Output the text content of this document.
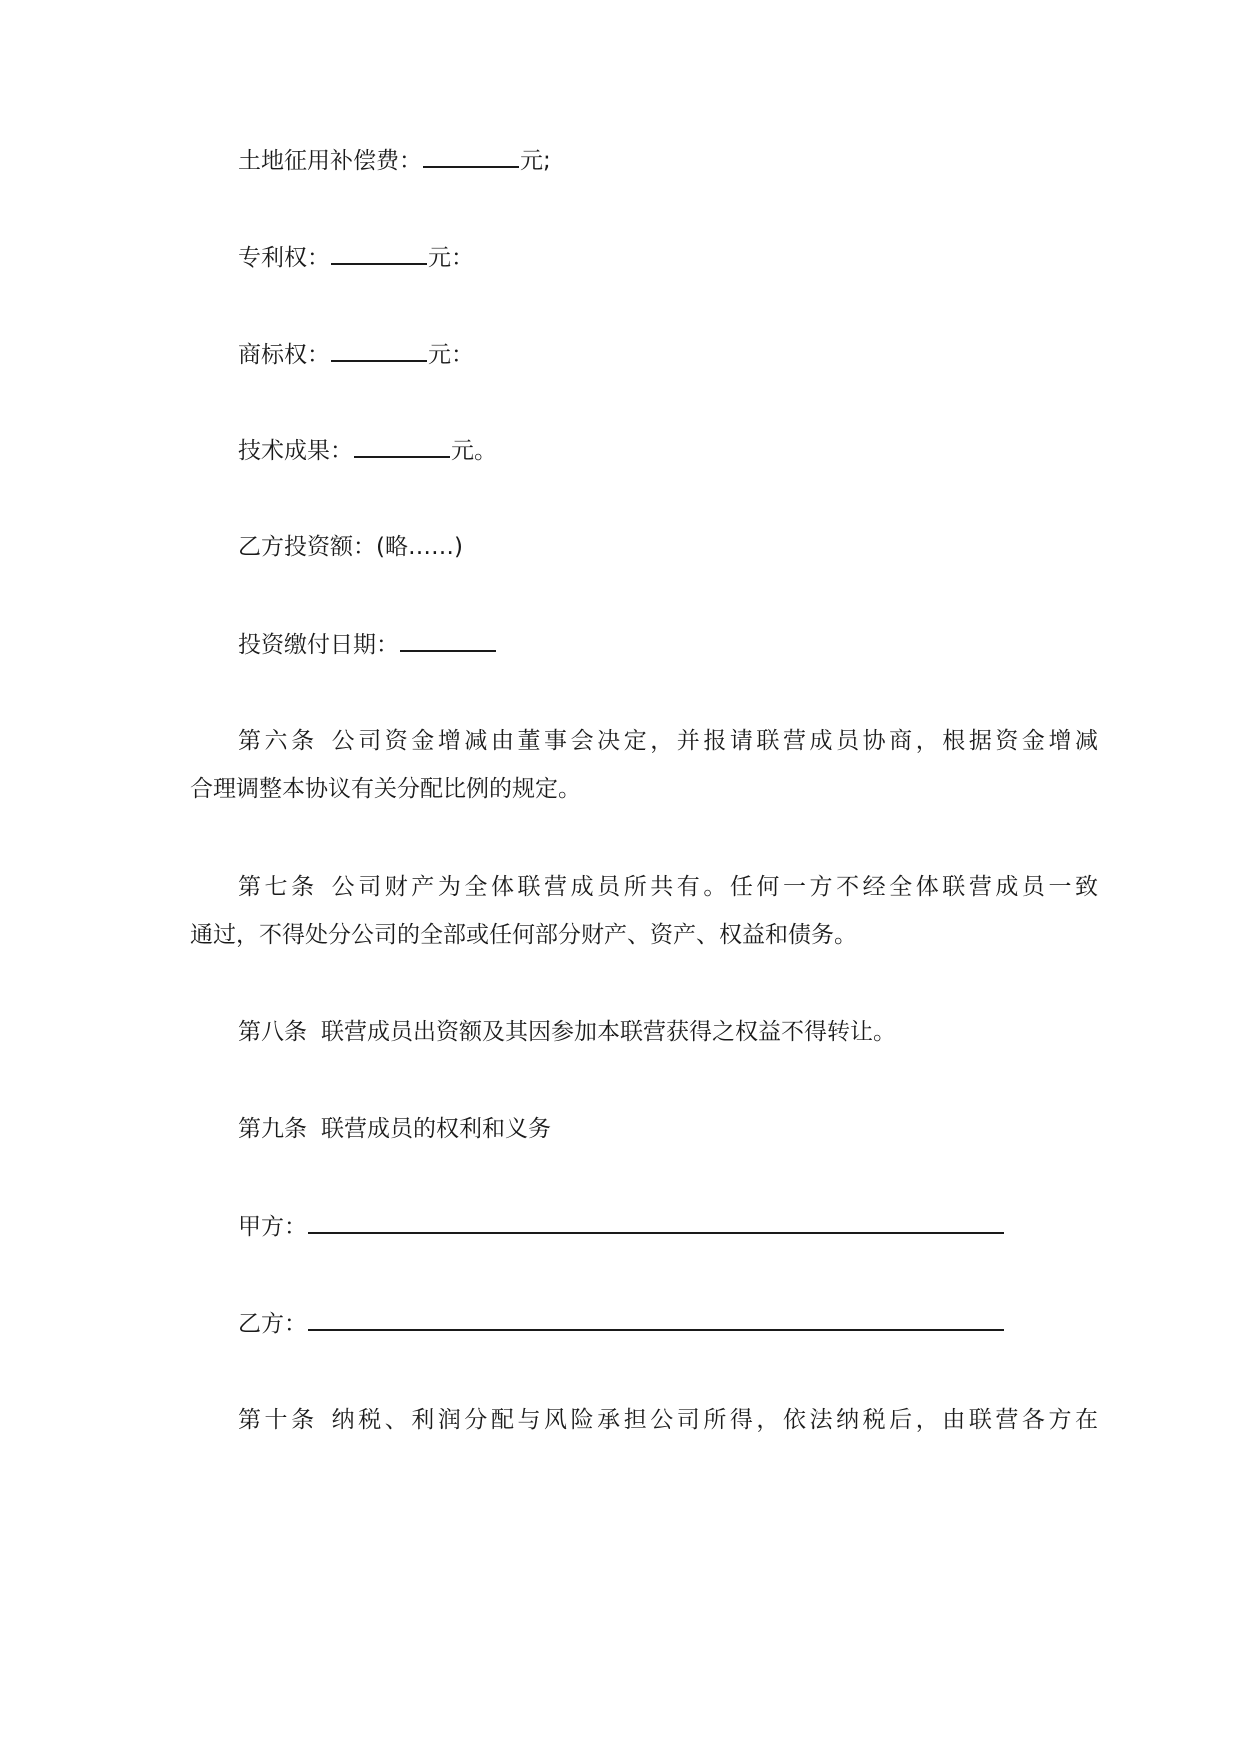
土地征用补偿费：	元;
专利权：	元：
商标权：	元：
技术成果：	元。
乙方投资额：(略……)
投资缴付日期：
第六条 公司资金增减由董事会决定，并报请联营成员协商，根据资金增减
合理调整本协议有关分配比例的规定。
第七条 公司财产为全体联营成员所共有。任何一方不经全体联营成员一致
通过，不得处分公司的全部或任何部分财产、资产、权益和债务。
第八条 联营成员出资额及其因参加本联营获得之权益不得转让。
第九条 联营成员的权利和义务
甲方：
乙方：
第十条 纳税、利润分配与风险承担公司所得，依法纳税后，由联营各方在
